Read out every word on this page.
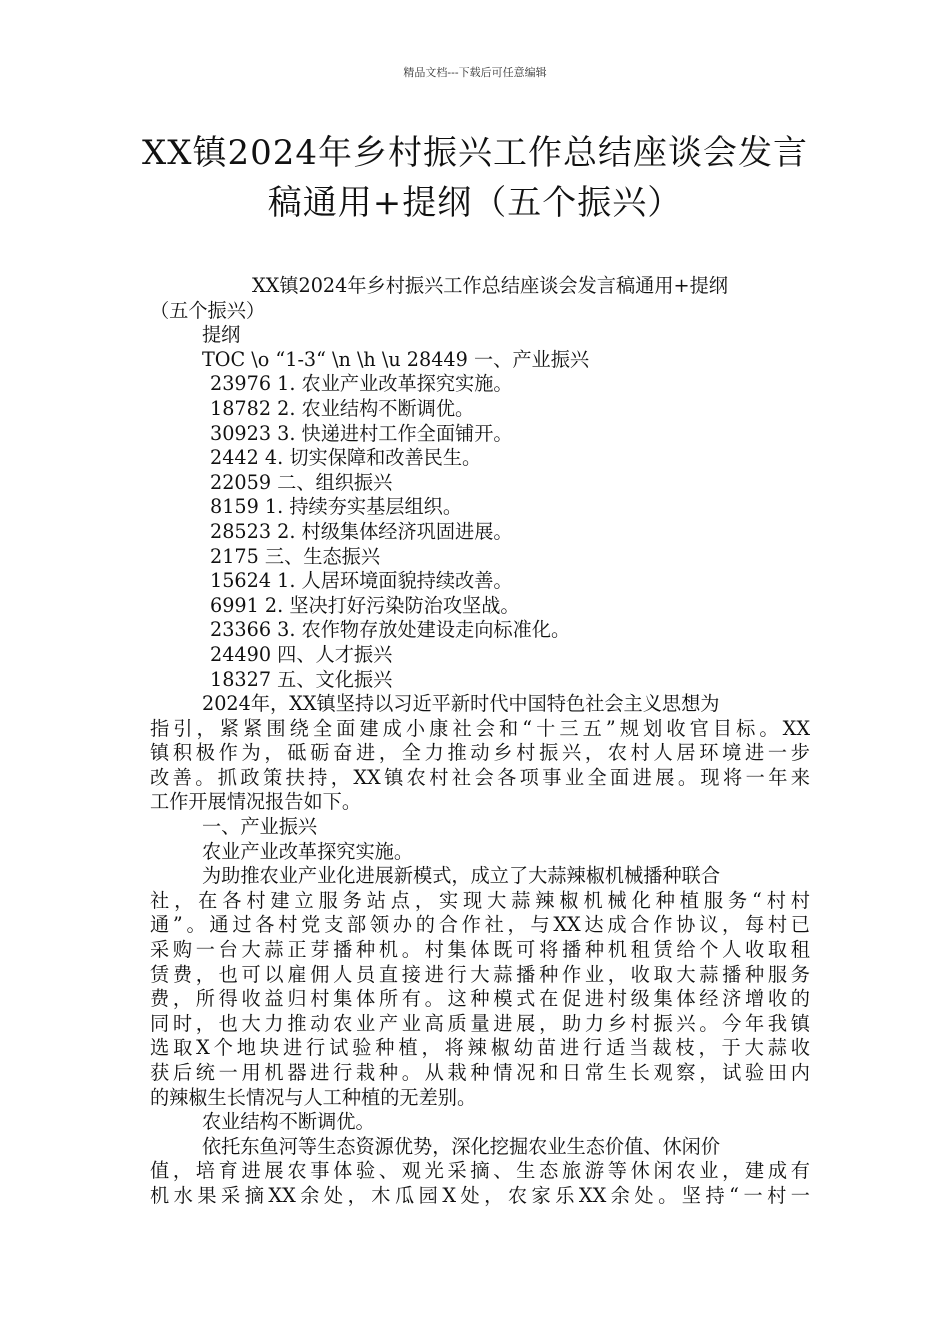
精品文档---下载后可任意编辑
XX镇2024年乡村振兴工作总结座谈会发言
稿通用+提纲（五个振兴）
XX镇2024年乡村振兴工作总结座谈会发言稿通用+提纲
（五个振兴）
提纲
TOC \o “1-3“ \n \h \u 28449 一、产业振兴
23976 1. 农业产业改革探究实施。
18782 2. 农业结构不断调优。
30923 3. 快递进村工作全面铺开。
2442 4. 切实保障和改善民生。
22059 二、组织振兴
8159 1. 持续夯实基层组织。
28523 2. 村级集体经济巩固进展。
2175 三、生态振兴
15624 1. 人居环境面貌持续改善。
6991 2. 坚决打好污染防治攻坚战。
23366 3. 农作物存放处建设走向标准化。
24490 四、人才振兴
18327 五、文化振兴
2024年，XX镇坚持以习近平新时代中国特色社会主义思想为
指引，紧紧围绕全面建成小康社会和“十三五”规划收官目标。XX
镇积极作为，砥砺奋进，全力推动乡村振兴，农村人居环境进一步
改善。抓政策扶持，XX镇农村社会各项事业全面进展。现将一年来
工作开展情况报告如下。
一、产业振兴
农业产业改革探究实施。
为助推农业产业化进展新模式，成立了大蒜辣椒机械播种联合
社，在各村建立服务站点，实现大蒜辣椒机械化种植服务“村村
通”。通过各村党支部领办的合作社，与XX达成合作协议，每村已
采购一台大蒜正芽播种机。村集体既可将播种机租赁给个人收取租
赁费，也可以雇佣人员直接进行大蒜播种作业，收取大蒜播种服务
费，所得收益归村集体所有。这种模式在促进村级集体经济增收的
同时，也大力推动农业产业高质量进展，助力乡村振兴。今年我镇
选取X个地块进行试验种植，将辣椒幼苗进行适当裁枝，于大蒜收
获后统一用机器进行栽种。从栽种情况和日常生长观察，试验田内
的辣椒生长情况与人工种植的无差别。
农业结构不断调优。
依托东鱼河等生态资源优势，深化挖掘农业生态价值、休闲价
值，培育进展农事体验、观光采摘、生态旅游等休闲农业，建成有
机水果采摘XX余处，木瓜园X处，农家乐XX余处。坚持“一村一
